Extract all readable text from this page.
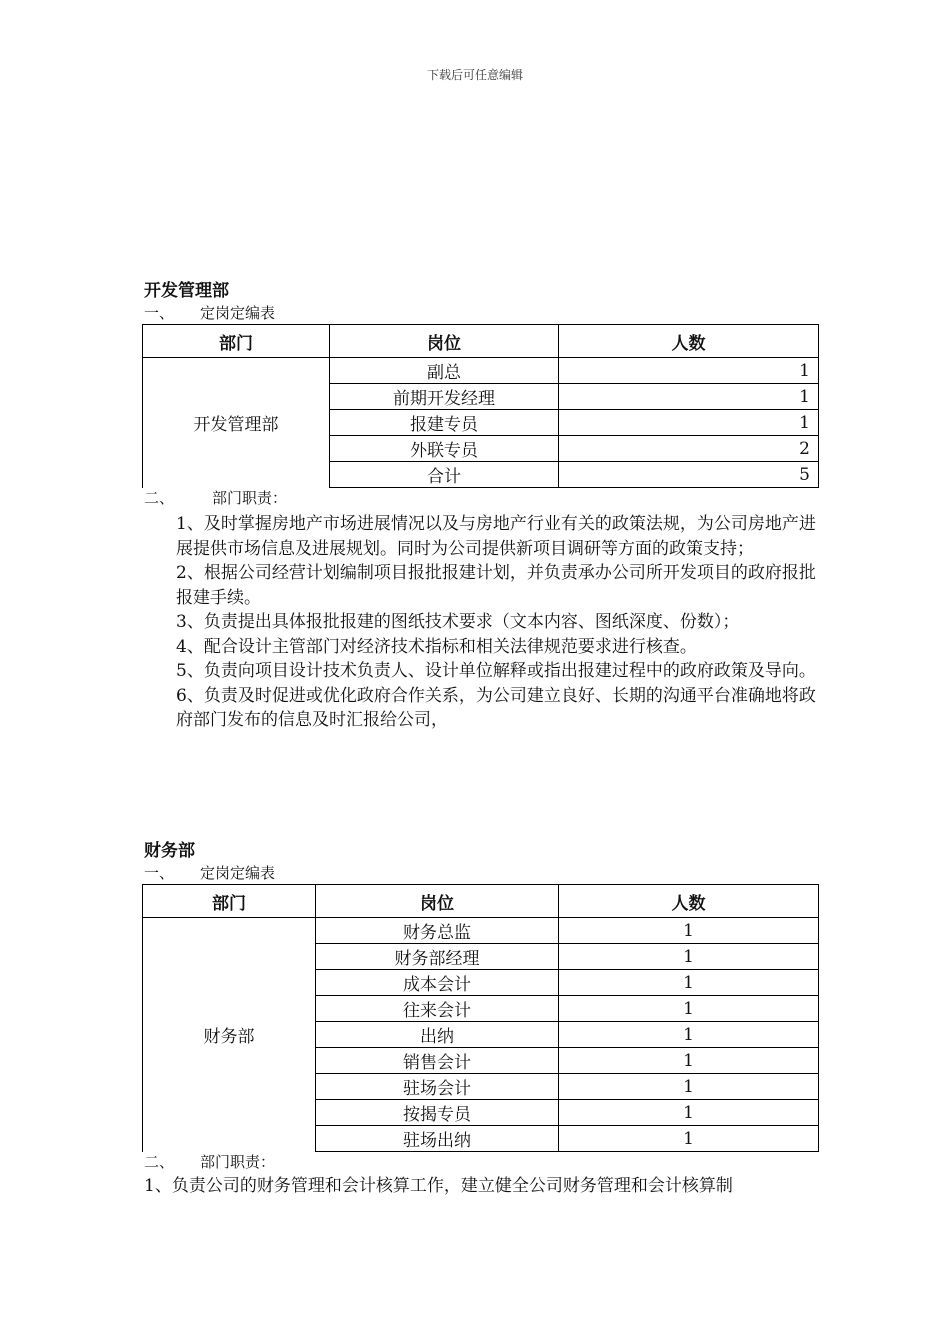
下载后可任意编辑
开发管理部
一、 定岗定编表
部门	岗位	人数
开发管理部	副总	1
	前期开发经理	1
	报建专员	1
	外联专员	2
	合计	5
二、	部门职责：

1、及时掌握房地产市场进展情况以及与房地产行业有关的政策法规，为公司房地产进展提供市场信息及进展规划。同时为公司提供新项目调研等方面的政策支持；

2、根据公司经营计划编制项目报批报建计划，并负责承办公司所开发项目的政府报批报建手续。

3、负责提出具体报批报建的图纸技术要求（文本内容、图纸深度、份数）；

4、配合设计主管部门对经济技术指标和相关法律规范要求进行核查。

5、负责向项目设计技术负责人、设计单位解释或指出报建过程中的政府政策及导向。

6、负责及时促进或优化政府合作关系，为公司建立良好、长期的沟通平台准确地将政府部门发布的信息及时汇报给公司，

财务部
一、 定岗定编表
部门	岗位	人数
财务部	财务总监	1
	财务部经理	1
	成本会计	1
	往来会计	1
	出纳	1
	销售会计	1
	驻场会计	1
	按揭专员	1
	驻场出纳	1
二、 部门职责：

1、负责公司的财务管理和会计核算工作，建立健全公司财务管理和会计核算制
